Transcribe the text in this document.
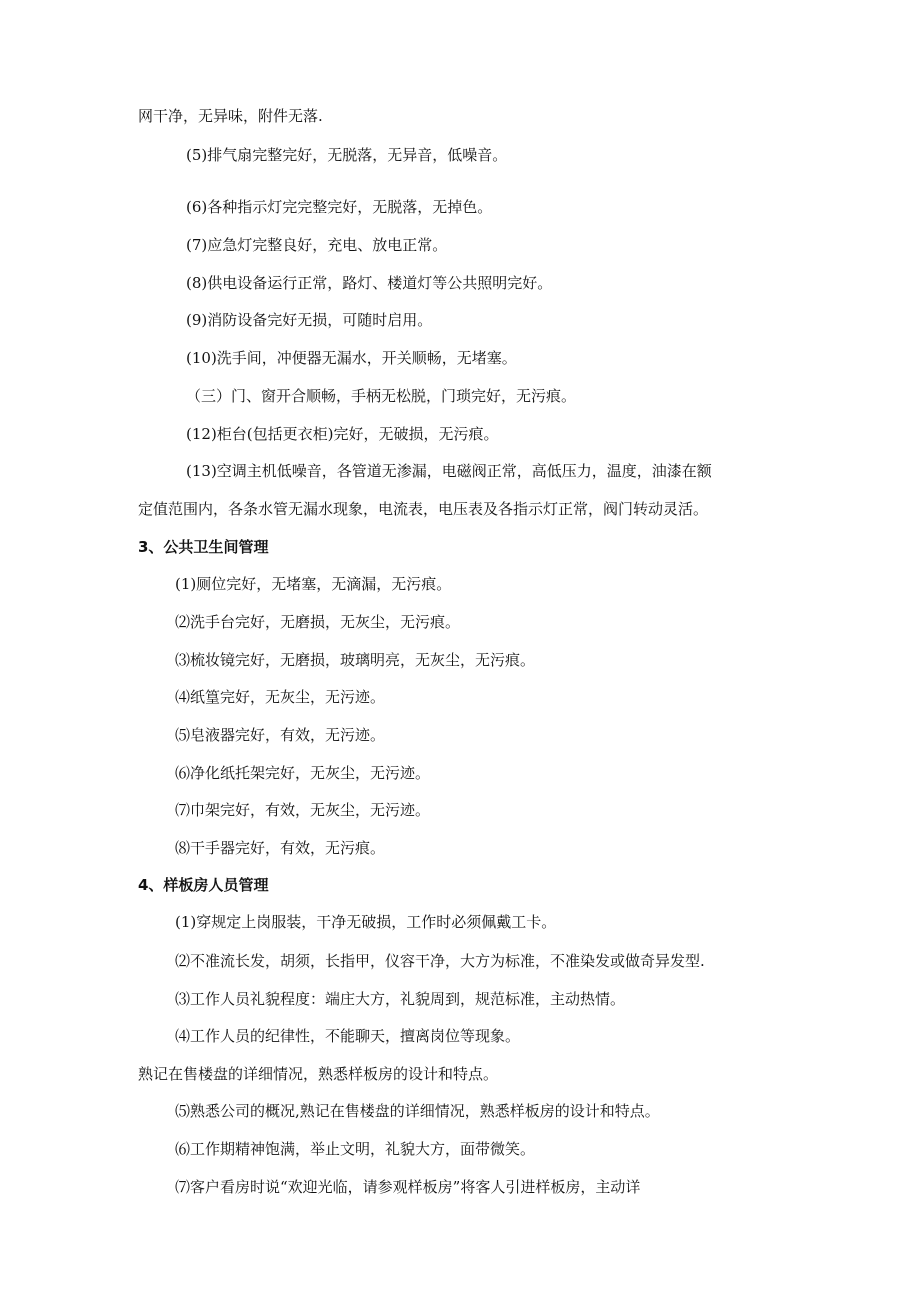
网干净，无异味，附件无落.
(5)排气扇完整完好，无脱落，无异音，低噪音。
(6)各种指示灯完完整完好，无脱落，无掉色。
(7)应急灯完整良好，充电、放电正常。
(8)供电设备运行正常，路灯、楼道灯等公共照明完好。
(9)消防设备完好无损，可随时启用。
(10)洗手间，冲便器无漏水，开关顺畅，无堵塞。
（三）门、窗开合顺畅，手柄无松脱，门琐完好，无污痕。
(12)柜台(包括更衣柜)完好，无破损，无污痕。
(13)空调主机低噪音，各管道无渗漏，电磁阀正常，高低压力，温度，油漆在额
定值范围内，各条水管无漏水现象，电流表，电压表及各指示灯正常，阀门转动灵活。
3、公共卫生间管理
(1)厕位完好，无堵塞，无滴漏，无污痕。
⑵洗手台完好，无磨损，无灰尘，无污痕。
⑶梳妆镜完好，无磨损，玻璃明亮，无灰尘，无污痕。
⑷纸篁完好，无灰尘，无污迹。
⑸皂液器完好，有效，无污迹。
⑹净化纸托架完好，无灰尘，无污迹。
⑺巾架完好，有效，无灰尘，无污迹。
⑻干手器完好，有效，无污痕。
4、样板房人员管理
(1)穿规定上岗服装，干净无破损，工作时必须佩戴工卡。
⑵不准流长发，胡须，长指甲，仪容干净，大方为标准，不准染发或做奇异发型.
⑶工作人员礼貌程度：端庄大方，礼貌周到，规范标准，主动热情。
⑷工作人员的纪律性，不能聊天，擅离岗位等现象。
熟记在售楼盘的详细情况，熟悉样板房的设计和特点。
⑸熟悉公司的概况,熟记在售楼盘的详细情况，熟悉样板房的设计和特点。
⑹工作期精神饱满，举止文明，礼貌大方，面带微笑。
⑺客户看房时说“欢迎光临，请参观样板房”将客人引进样板房，主动详
